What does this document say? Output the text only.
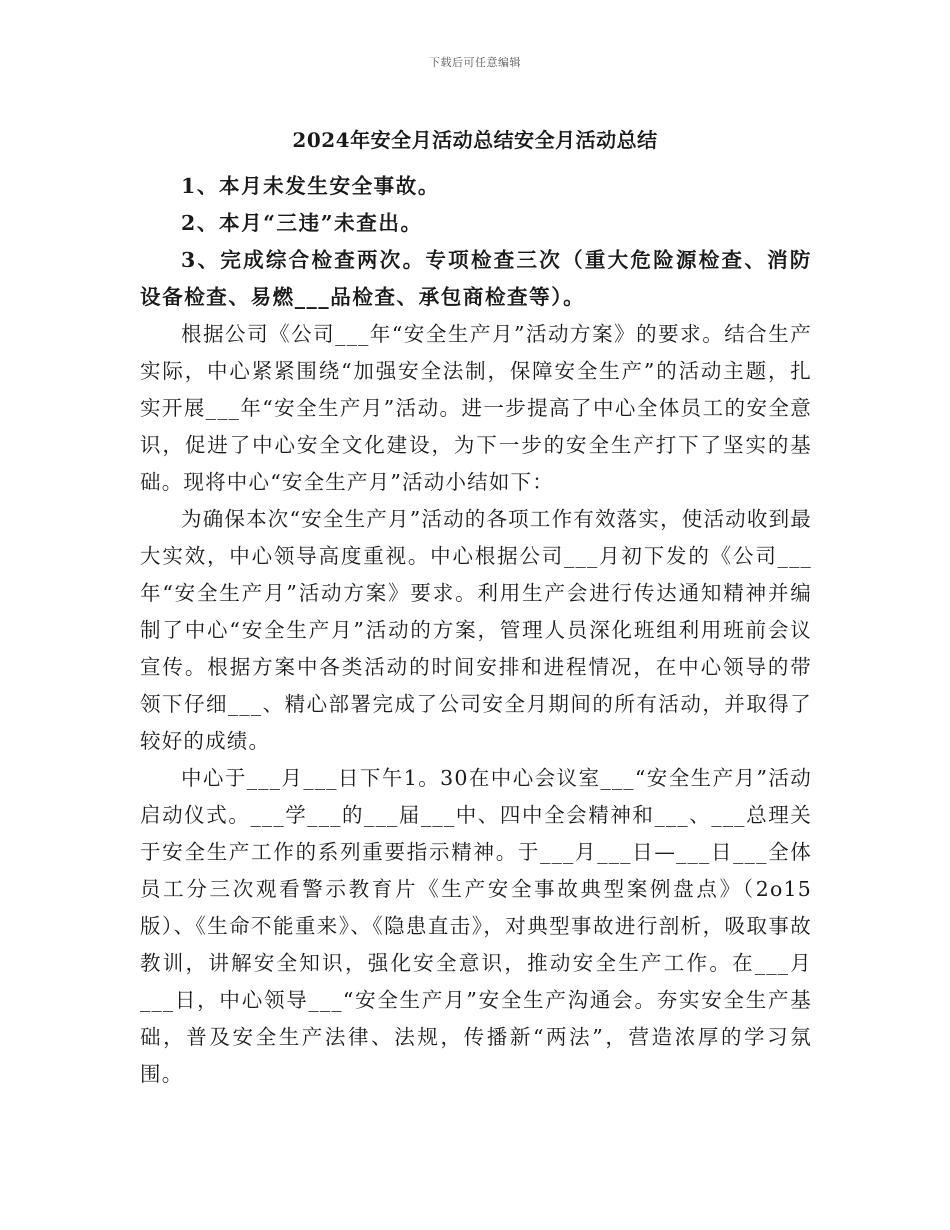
下载后可任意编辑
2024年安全月活动总结安全月活动总结

1、本月未发生安全事故。

2、本月“三违”未查出。

3、完成综合检查两次。专项检查三次（重大危险源检查、消防设备检查、易燃___品检查、承包商检查等）。

根据公司《公司___年“安全生产月”活动方案》的要求。结合生产实际，中心紧紧围绕“加强安全法制，保障安全生产”的活动主题，扎实开展___年“安全生产月”活动。进一步提高了中心全体员工的安全意识，促进了中心安全文化建设，为下一步的安全生产打下了坚实的基础。现将中心“安全生产月”活动小结如下：

为确保本次“安全生产月”活动的各项工作有效落实，使活动收到最大实效，中心领导高度重视。中心根据公司___月初下发的《公司___年“安全生产月”活动方案》要求。利用生产会进行传达通知精神并编制了中心“安全生产月”活动的方案，管理人员深化班组利用班前会议宣传。根据方案中各类活动的时间安排和进程情况，在中心领导的带领下仔细___、精心部署完成了公司安全月期间的所有活动，并取得了较好的成绩。

中心于___月___日下午1。30在中心会议室___“安全生产月”活动启动仪式。___学___的___届___中、四中全会精神和___、___总理关于安全生产工作的系列重要指示精神。于___月___日—___日___全体员工分三次观看警示教育片《生产安全事故典型案例盘点》（2o15版）、《生命不能重来》、《隐患直击》，对典型事故进行剖析，吸取事故教训，讲解安全知识，强化安全意识，推动安全生产工作。在___月___日，中心领导___“安全生产月”安全生产沟通会。夯实安全生产基础，普及安全生产法律、法规，传播新“两法”，营造浓厚的学习氛围。
